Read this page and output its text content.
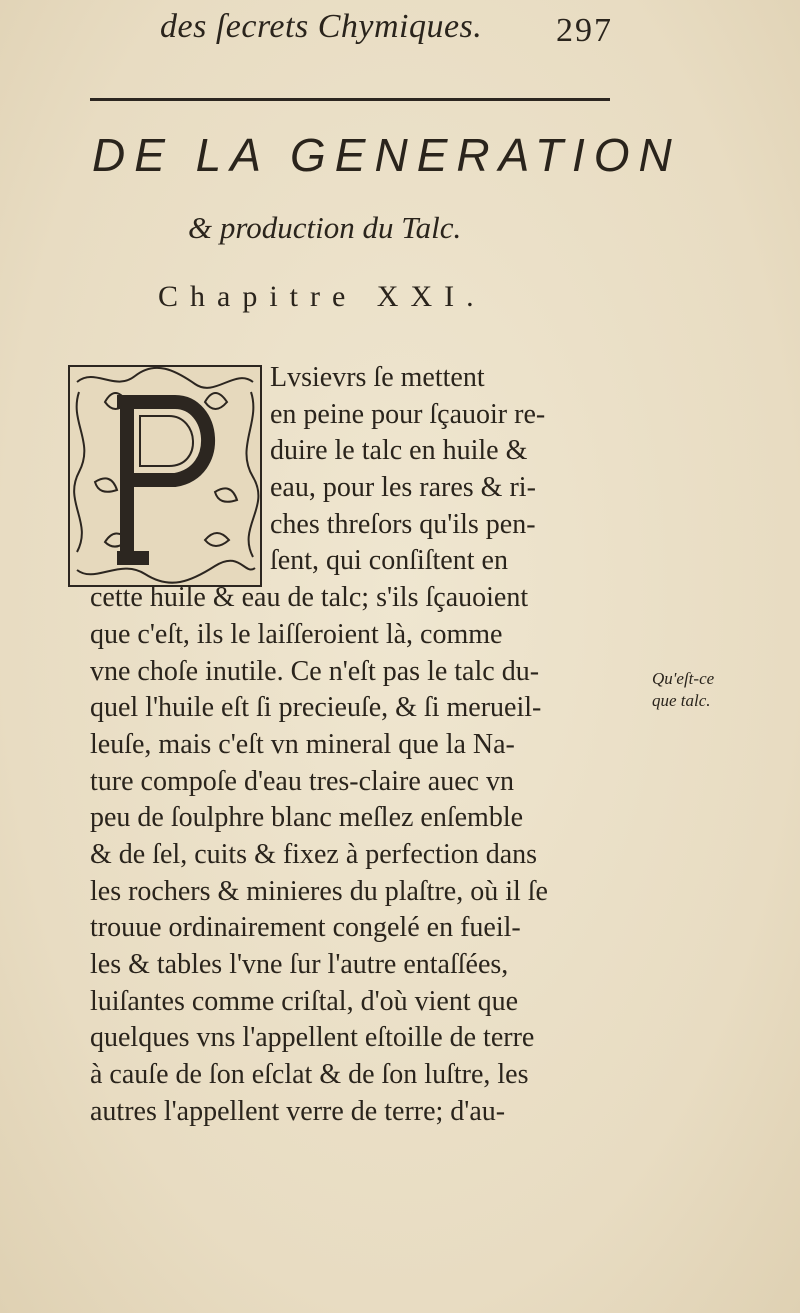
des ſecrets Chymiques. 297
DE LA GENERATION
& production du Talc.
Chapitre XXI.
Lvsievrs ſe mettent
en peine pour ſçauoir re-
duire le talc en huile &
eau, pour les rares & ri-
ches threſors qu'ils pen-
ſent, qui conſiſtent en
cette huile & eau de talc; s'ils ſçauoient
que c'eſt, ils le laiſſeroient là, comme
vne choſe inutile. Ce n'eſt pas le talc du-
quel l'huile eſt ſi precieuſe, & ſi merueil-
leuſe, mais c'eſt vn mineral que la Na-
ture compoſe d'eau tres-claire auec vn
peu de ſoulphre blanc meſlez enſemble
& de ſel, cuits & fixez à perfection dans
les rochers & minieres du plaſtre, où il ſe
trouue ordinairement congelé en fueil-
les & tables l'vne ſur l'autre entaſſées,
luiſantes comme criſtal, d'où vient que
quelques vns l'appellent eſtoille de terre
à cauſe de ſon eſclat & de ſon luſtre, les
autres l'appellent verre de terre; d'au-
Qu'eſt-ce
que talc.
